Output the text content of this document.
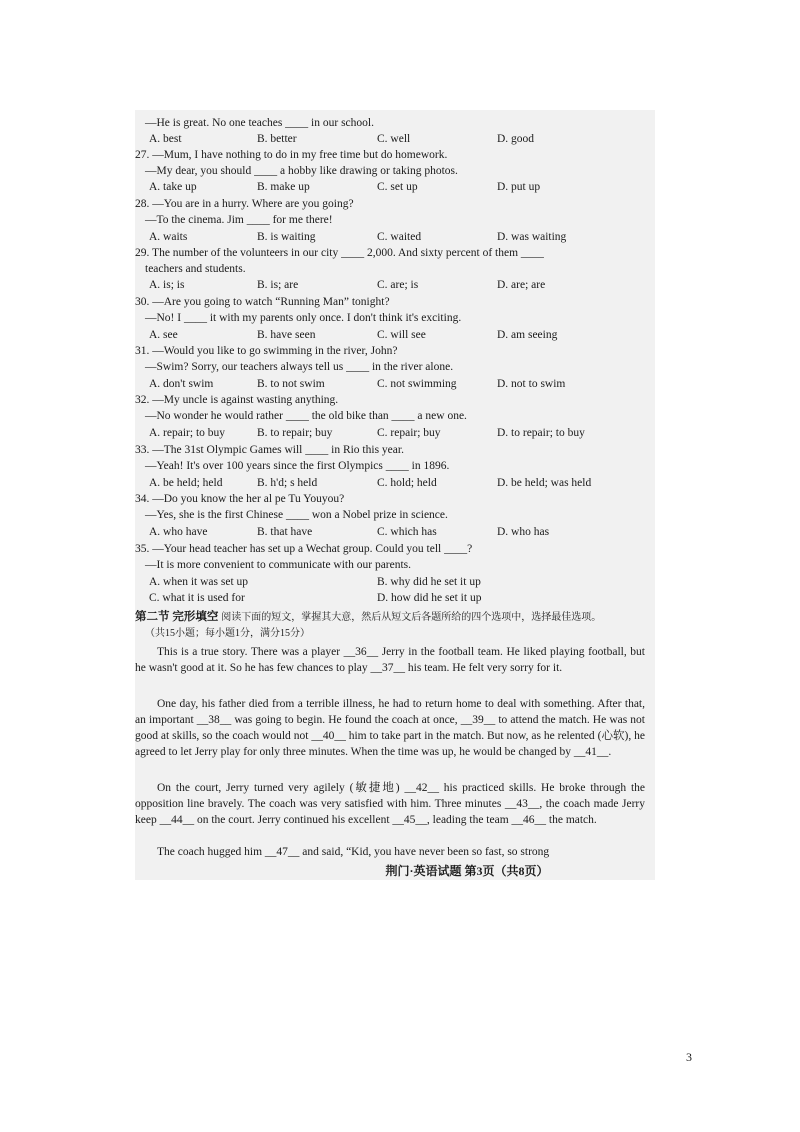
—He is great. No one teaches ____ in our school.
A. best	B. better	C. well	D. good
27. —Mum, I have nothing to do in my free time but do homework.
—My dear, you should ____ a hobby like drawing or taking photos.
A. take up	B. make up	C. set up	D. put up
28. —You are in a hurry. Where are you going?
—To the cinema. Jim ____ for me there!
A. waits	B. is waiting	C. waited	D. was waiting
29. The number of the volunteers in our city ____ 2,000. And sixty percent of them ____
teachers and students.
A. is; is	B. is; are	C. are; is	D. are; are
30. —Are you going to watch “Running Man” tonight?
—No! I ____ it with my parents only once. I don't think it's exciting.
A. see	B. have seen	C. will see	D. am seeing
31. —Would you like to go swimming in the river, John?
—Swim? Sorry, our teachers always tell us ____ in the river alone.
A. don't swim	B. to not swim	C. not swimming	D. not to swim
32. —My uncle is against wasting anything.
—No wonder he would rather ____ the old bike than ____ a new one.
A. repair; to buy	B. to repair; buy	C. repair; buy	D. to repair; to buy
33. —The 31st Olympic Games will ____ in Rio this year.
—Yeah! It's over 100 years since the first Olympics ____ in 1896.
A. be held; held	B. h'd; s held	C. hold; held	D. be held; was held
34. —Do you know the her al pe Tu Youyou?
—Yes, she is the first Chinese ____ won a Nobel prize in science.
A. who have	B. that have	C. which has	D. who has
35. —Your head teacher has set up a Wechat group. Could you tell ____?
—It is more convenient to communicate with our parents.
A. when it was set up	B. why did he set it up
C. what it is used for	D. how did he set it up
第二节 完形填空 阅读下面的短文，掌握其大意，然后从短文后各题所给的四个选项中，选择最佳选项。
（共15小题；每小题1分，满分15分）
This is a true story. There was a player __36__ Jerry in the football team. He liked playing football, but he wasn't good at it. So he has few chances to play __37__ his team. He felt very sorry for it.
One day, his father died from a terrible illness, he had to return home to deal with something. After that, an important __38__ was going to begin. He found the coach at once, __39__ to attend the match. He was not good at skills, so the coach would not __40__ him to take part in the match. But now, as he relented (心软), he agreed to let Jerry play for only three minutes. When the time was up, he would be changed by __41__.
On the court, Jerry turned very agilely (敏捷地) __42__ his practiced skills. He broke through the opposition line bravely. The coach was very satisfied with him. Three minutes __43__, the coach made Jerry keep __44__ on the court. Jerry continued his excellent __45__, leading the team __46__ the match.
The coach hugged him __47__ and said, “Kid, you have never been so fast, so strong
荆门·英语试题 第3页（共8页）
3
